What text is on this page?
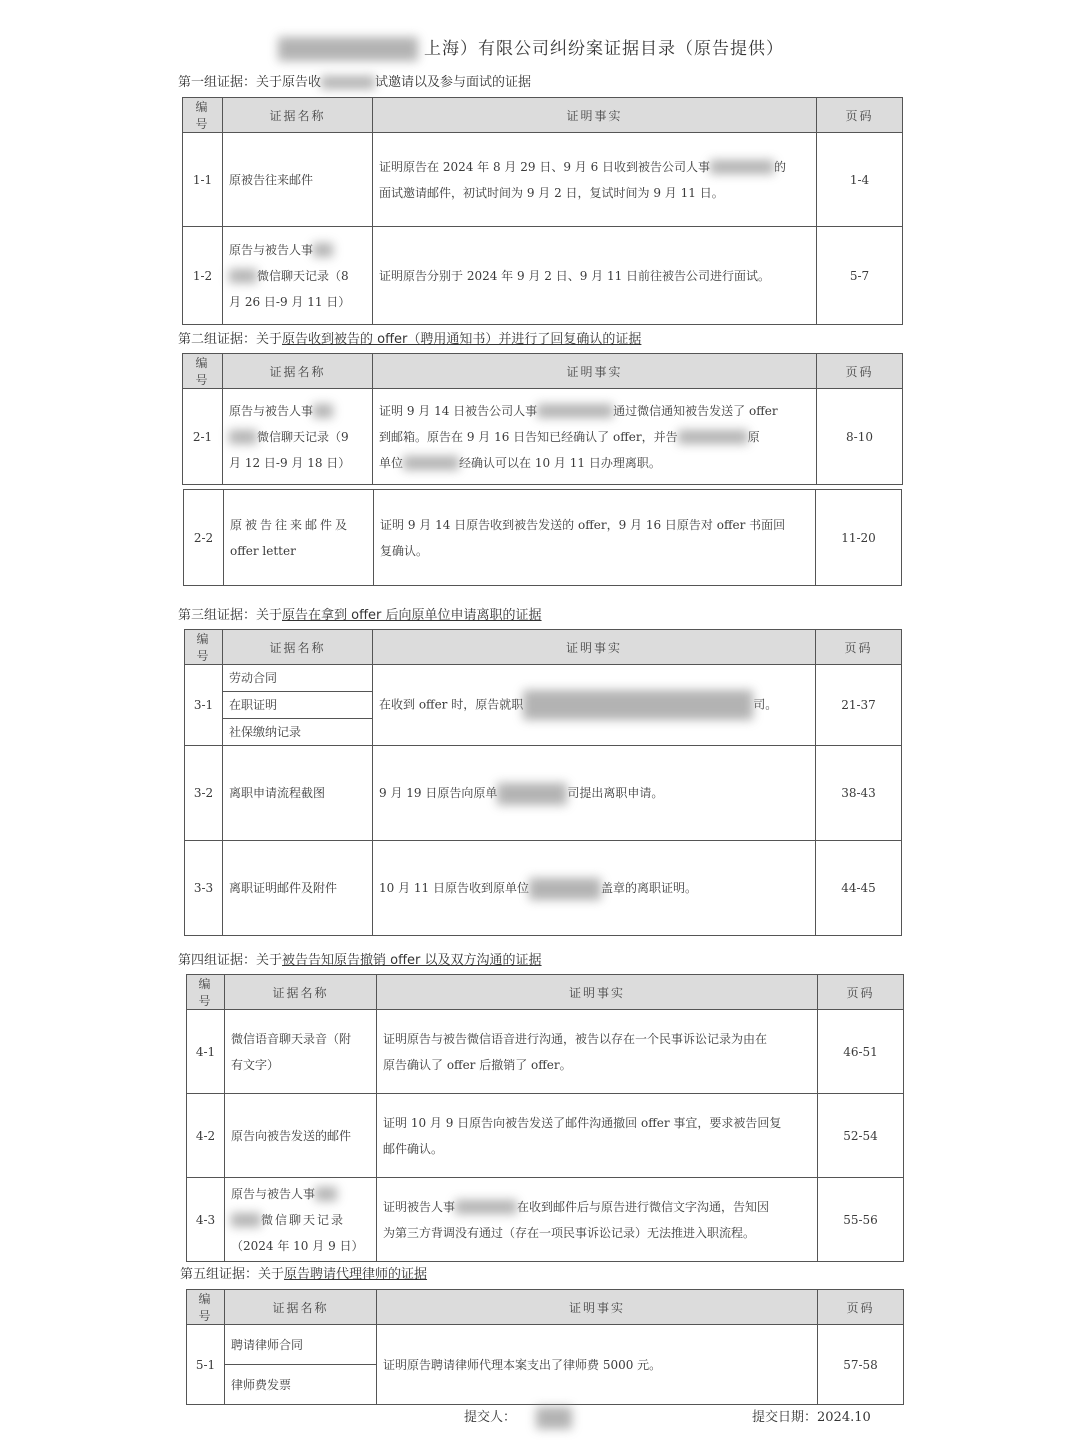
上海）有限公司纠纷案证据目录（原告提供）
第一组证据：关于原告收	试邀请以及参与面试的证据
编号	证据名称	证明事实	页码
1-1	原被告往来邮件	证明原告在 2024 年 8 月 29 日、9 月 6 日收到被告公司人事 的
面试邀请邮件，初试时间为 9 月 2 日，复试时间为 9 月 11 日。	1-4
1-2	原告与被告人事
微信聊天记录（8
月 26 日-9 月 11 日）	证明原告分别于 2024 年 9 月 2 日、9 月 11 日前往被告公司进行面试。	5-7
第二组证据：关于原告收到被告的 offer（聘用通知书）并进行了回复确认的证据
编号	证据名称	证明事实	页码
2-1	原告与被告人事
微信聊天记录（9
月 12 日-9 月 18 日）	证明 9 月 14 日被告公司人事 通过微信通知被告发送了 offer
到邮箱。原告在 9 月 16 日告知已经确认了 offer，并告 原
单位 经确认可以在 10 月 11 日办理离职。	8-10
2-2	原被告往来邮件及
offer letter	证明 9 月 14 日原告收到被告发送的 offer，9 月 16 日原告对 offer 书面回
复确认。	11-20
第三组证据：关于原告在拿到 offer 后向原单位申请离职的证据
编号	证据名称	证明事实	页码
3-1	劳动合同	在收到 offer 时，原告就职 司。	21-37
	在职证明		
	社保缴纳记录		
3-2	离职申请流程截图	9 月 19 日原告向原单 司提出离职申请。	38-43
3-3	离职证明邮件及附件	10 月 11 日原告收到原单位 盖章的离职证明。	44-45
第四组证据：关于被告告知原告撤销 offer 以及双方沟通的证据
编号	证据名称	证明事实	页码
4-1	微信语音聊天录音（附
有文字）	证明原告与被告微信语音进行沟通，被告以存在一个民事诉讼记录为由在
原告确认了 offer 后撤销了 offer。	46-51
4-2	原告向被告发送的邮件	证明 10 月 9 日原告向被告发送了邮件沟通撤回 offer 事宜，要求被告回复
邮件确认。	52-54
4-3	原告与被告人事
微信聊天记录
（2024 年 10 月 9 日）	证明被告人事 在收到邮件后与原告进行微信文字沟通，告知因
为第三方背调没有通过（存在一项民事诉讼记录）无法推进入职流程。	55-56
第五组证据：关于原告聘请代理律师的证据
编号	证据名称	证明事实	页码
5-1	聘请律师合同	证明原告聘请律师代理本案支出了律师费 5000 元。	57-58
	律师费发票		
提交人：	提交日期：2024.10
